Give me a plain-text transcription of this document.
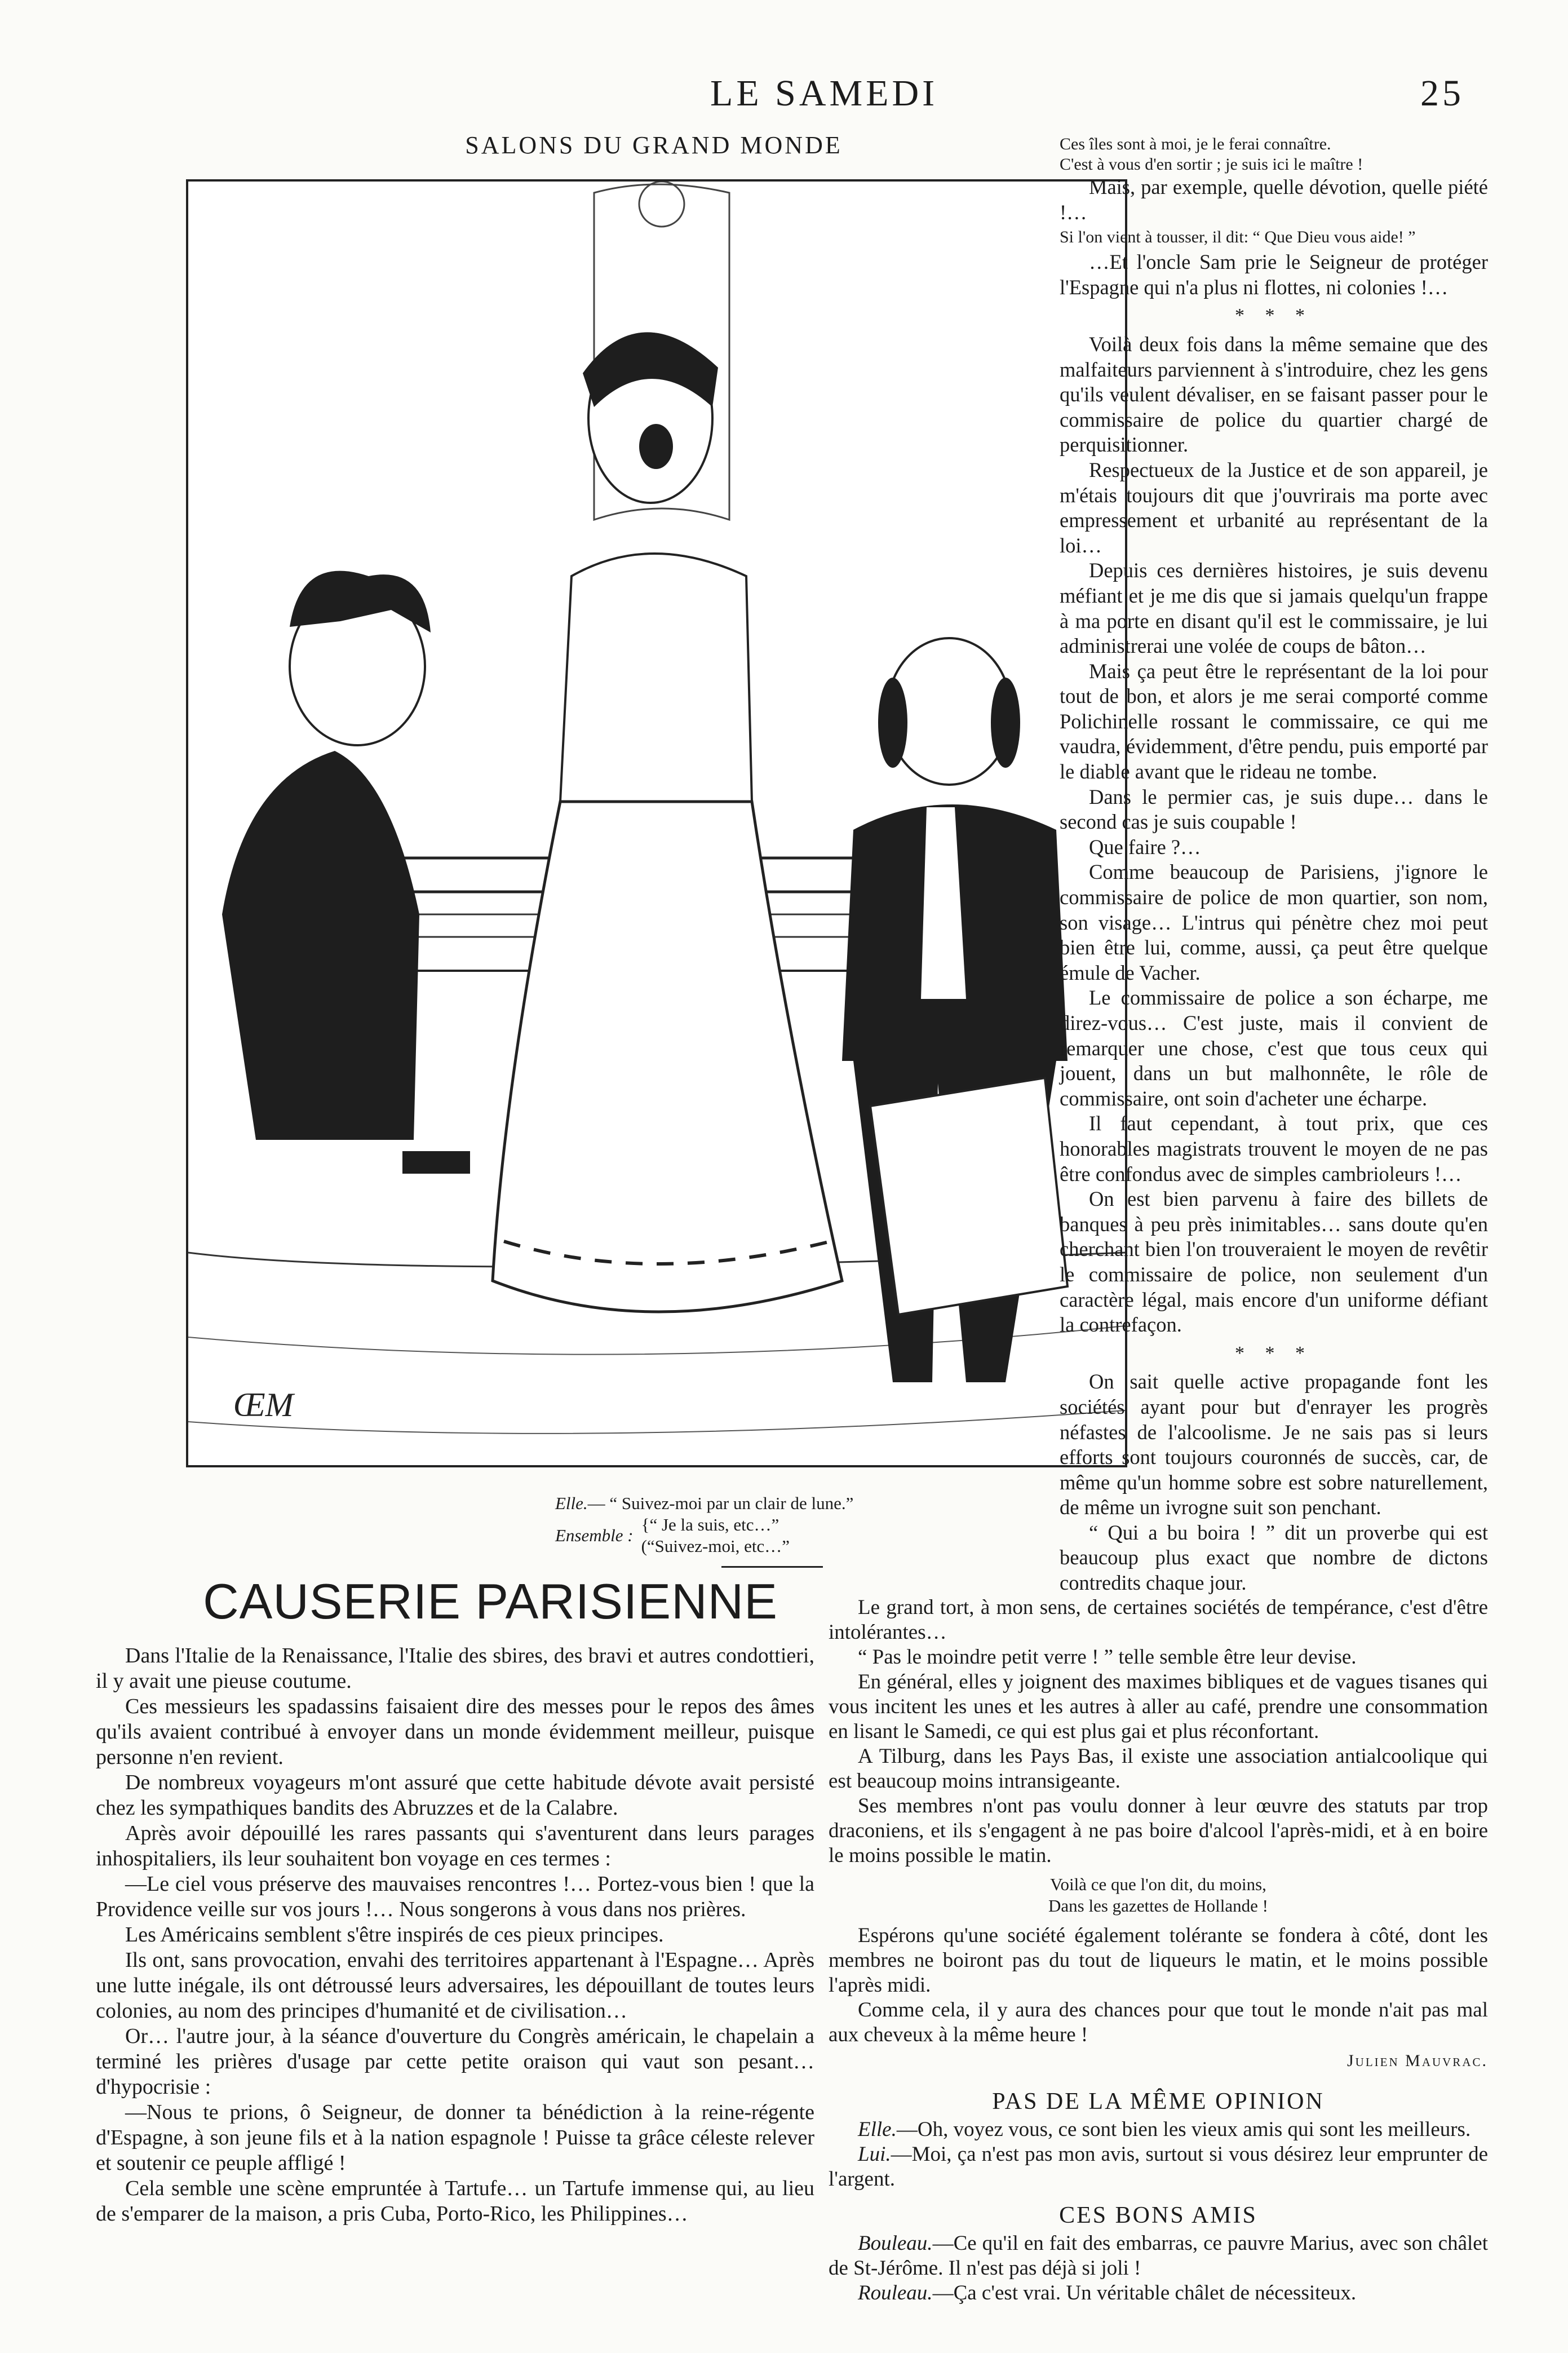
LE SAMEDI	25
SALONS DU GRAND MONDE
ŒM
Elle.— “ Suivez-moi par un clair de lune.”
Ensemble :
{“ Je la suis, etc…”
(“Suivez-moi, etc…”

Ces îles sont à moi, je le ferai connaître.

C'est à vous d'en sortir ; je suis ici le maître !

Mais, par exemple, quelle dévotion, quelle piété !…

Si l'on vient à tousser, il dit: “ Que Dieu vous aide! ”

…Et l'oncle Sam prie le Seigneur de protéger l'Espagne qui n'a plus ni flottes, ni colonies !…

* * *

Voilà deux fois dans la même semaine que des malfaiteurs parviennent à s'introduire, chez les gens qu'ils veulent dévaliser, en se faisant passer pour le commissaire de police du quartier chargé de perquisitionner.

Respectueux de la Justice et de son appareil, je m'étais toujours dit que j'ouvrirais ma porte avec empressement et urbanité au représentant de la loi…

Depuis ces dernières histoires, je suis devenu méfiant et je me dis que si jamais quelqu'un frappe à ma porte en disant qu'il est le commissaire, je lui administrerai une volée de coups de bâton…

Mais ça peut être le représentant de la loi pour tout de bon, et alors je me serai comporté comme Polichinelle rossant le commissaire, ce qui me vaudra, évidemment, d'être pendu, puis emporté par le diable avant que le rideau ne tombe.

Dans le permier cas, je suis dupe… dans le second cas je suis coupable !

Que faire ?…

Comme beaucoup de Parisiens, j'ignore le commissaire de police de mon quartier, son nom, son visage… L'intrus qui pénètre chez moi peut bien être lui, comme, aussi, ça peut être quelque émule de Vacher.

Le commissaire de police a son écharpe, me direz-vous… C'est juste, mais il convient de remarquer une chose, c'est que tous ceux qui jouent, dans un but malhonnête, le rôle de commissaire, ont soin d'acheter une écharpe.

Il faut cependant, à tout prix, que ces honorables magistrats trouvent le moyen de ne pas être confondus avec de simples cambrioleurs !…

On est bien parvenu à faire des billets de banques à peu près inimitables… sans doute qu'en cherchant bien l'on trouveraient le moyen de revêtir le commissaire de police, non seulement d'un caractère légal, mais encore d'un uniforme défiant la contrefaçon.

* * *

On sait quelle active propagande font les sociétés ayant pour but d'enrayer les progrès néfastes de l'alcoolisme. Je ne sais pas si leurs efforts sont toujours couronnés de succès, car, de même qu'un homme sobre est sobre naturellement, de même un ivrogne suit son penchant.

“ Qui a bu boira ! ” dit un proverbe qui est beaucoup plus exact que nombre de dictons contredits chaque jour.

CAUSERIE PARISIENNE

Dans l'Italie de la Renaissance, l'Italie des sbires, des bravi et autres condottieri, il y avait une pieuse coutume.

Ces messieurs les spadassins faisaient dire des messes pour le repos des âmes qu'ils avaient contribué à envoyer dans un monde évidemment meilleur, puisque personne n'en revient.

De nombreux voyageurs m'ont assuré que cette habitude dévote avait persisté chez les sympathiques bandits des Abruzzes et de la Calabre.

Après avoir dépouillé les rares passants qui s'aventurent dans leurs parages inhospitaliers, ils leur souhaitent bon voyage en ces termes :

—Le ciel vous préserve des mauvaises rencontres !… Portez-vous bien ! que la Providence veille sur vos jours !… Nous songerons à vous dans nos prières.

Les Américains semblent s'être inspirés de ces pieux principes.

Ils ont, sans provocation, envahi des territoires appartenant à l'Espagne… Après une lutte inégale, ils ont détroussé leurs adversaires, les dépouillant de toutes leurs colonies, au nom des principes d'humanité et de civilisation…

Or… l'autre jour, à la séance d'ouverture du Congrès américain, le chapelain a terminé les prières d'usage par cette petite oraison qui vaut son pesant… d'hypocrisie :

—Nous te prions, ô Seigneur, de donner ta bénédiction à la reine-régente d'Espagne, à son jeune fils et à la nation espagnole ! Puisse ta grâce céleste relever et soutenir ce peuple affligé !

Cela semble une scène empruntée à Tartufe… un Tartufe immense qui, au lieu de s'emparer de la maison, a pris Cuba, Porto-Rico, les Philippines…

Le grand tort, à mon sens, de certaines sociétés de tempérance, c'est d'être intolérantes…

“ Pas le moindre petit verre ! ” telle semble être leur devise.

En général, elles y joignent des maximes bibliques et de vagues tisanes qui vous incitent les unes et les autres à aller au café, prendre une consommation en lisant le Samedi, ce qui est plus gai et plus réconfortant.

A Tilburg, dans les Pays Bas, il existe une association antialcoolique qui est beaucoup moins intransigeante.

Ses membres n'ont pas voulu donner à leur œuvre des statuts par trop draconiens, et ils s'engagent à ne pas boire d'alcool l'après-midi, et à en boire le moins possible le matin.

Voilà ce que l'on dit, du moins,
Dans les gazettes de Hollande !

Espérons qu'une société également tolérante se fondera à côté, dont les membres ne boiront pas du tout de liqueurs le matin, et le moins possible l'après midi.

Comme cela, il y aura des chances pour que tout le monde n'ait pas mal aux cheveux à la même heure !

Julien Mauvrac.
PAS DE LA MÊME OPINION

Elle.—Oh, voyez vous, ce sont bien les vieux amis qui sont les meilleurs.

Lui.—Moi, ça n'est pas mon avis, surtout si vous désirez leur emprunter de l'argent.

CES BONS AMIS

Bouleau.—Ce qu'il en fait des embarras, ce pauvre Marius, avec son châlet de St-Jérôme. Il n'est pas déjà si joli !

Rouleau.—Ça c'est vrai. Un véritable châlet de nécessiteux.
